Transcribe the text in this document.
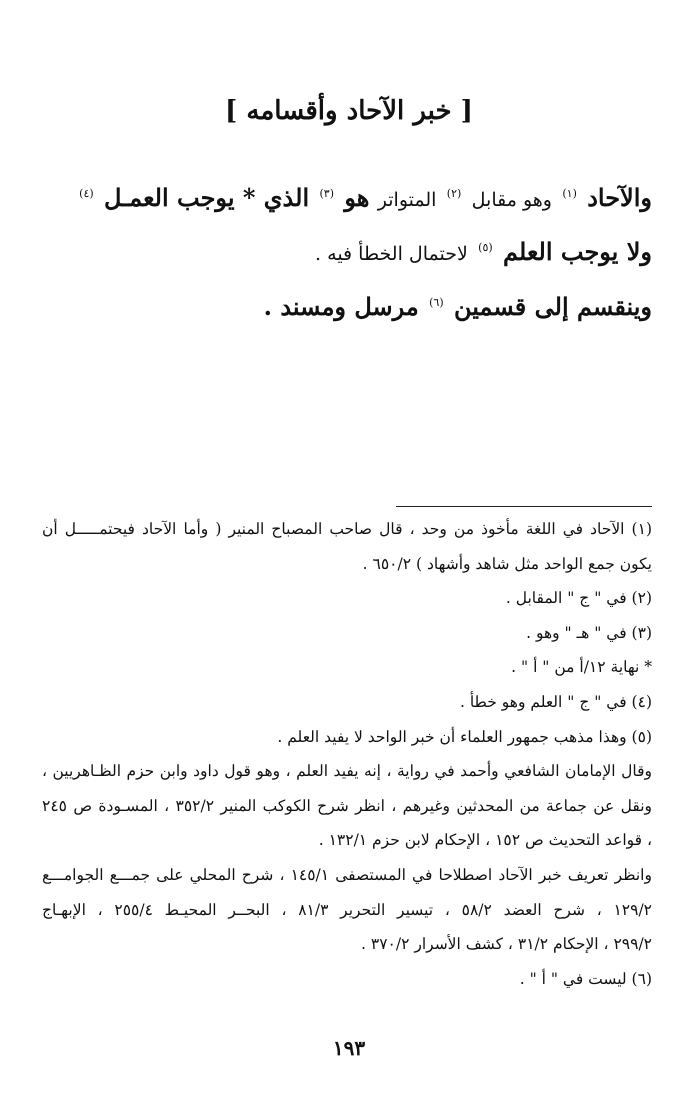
[ خبر الآحاد وأقسامه ]
والآحاد $^{(١)}$ وهو مقابل $^{(٢)}$ المتواتر هو $^{(٣)}$ الذي * يوجب العمـل $^{(٤)}$
ولا يوجب العلم $^{(٥)}$ لاحتمال الخطأ فيه .
وينقسم إلى قسمين $^{(٦)}$ مرسل ومسند .
(١) الآحاد في اللغة مأخوذ من وحد ، قال صاحب المصباح المنير ( وأما الآحاد فيحتمـــــل أن
يكون جمع الواحد مثل شاهد وأشهاد ) ٦٥٠/٢ .
(٢) في " ج " المقابل .
(٣) في " هـ " وهو .
* نهاية ١٢/أ من " أ " .
(٤) في " ج " العلم وهو خطأ .
(٥) وهذا مذهب جمهور العلماء أن خبر الواحد لا يفيد العلم .
وقال الإمامان الشافعي وأحمد في رواية ، إنه يفيد العلم ، وهو قول داود وابن حزم الظـاهريين ،
ونقل عن جماعة من المحدثين وغيرهم ، انظر شرح الكوكب المنير ٣٥٢/٢ ، المسـودة ص ٢٤٥
، قواعد التحديث ص ١٥٢ ، الإحكام لابن حزم ١٣٢/١ .
وانظر تعريف خبر الآحاد اصطلاحا في المستصفى ١٤٥/١ ، شرح المحلي على جمـــع الجوامـــع
١٢٩/٢ ، شرح العضد ٥٨/٢ ، تيسير التحرير ٨١/٣ ، البحــر المحيـط ٢٥٥/٤ ، الإبهـاج
٢٩٩/٢ ، الإحكام ٣١/٢ ، كشف الأسرار ٣٧٠/٢ .
(٦) ليست في " أ " .
١٩٣
